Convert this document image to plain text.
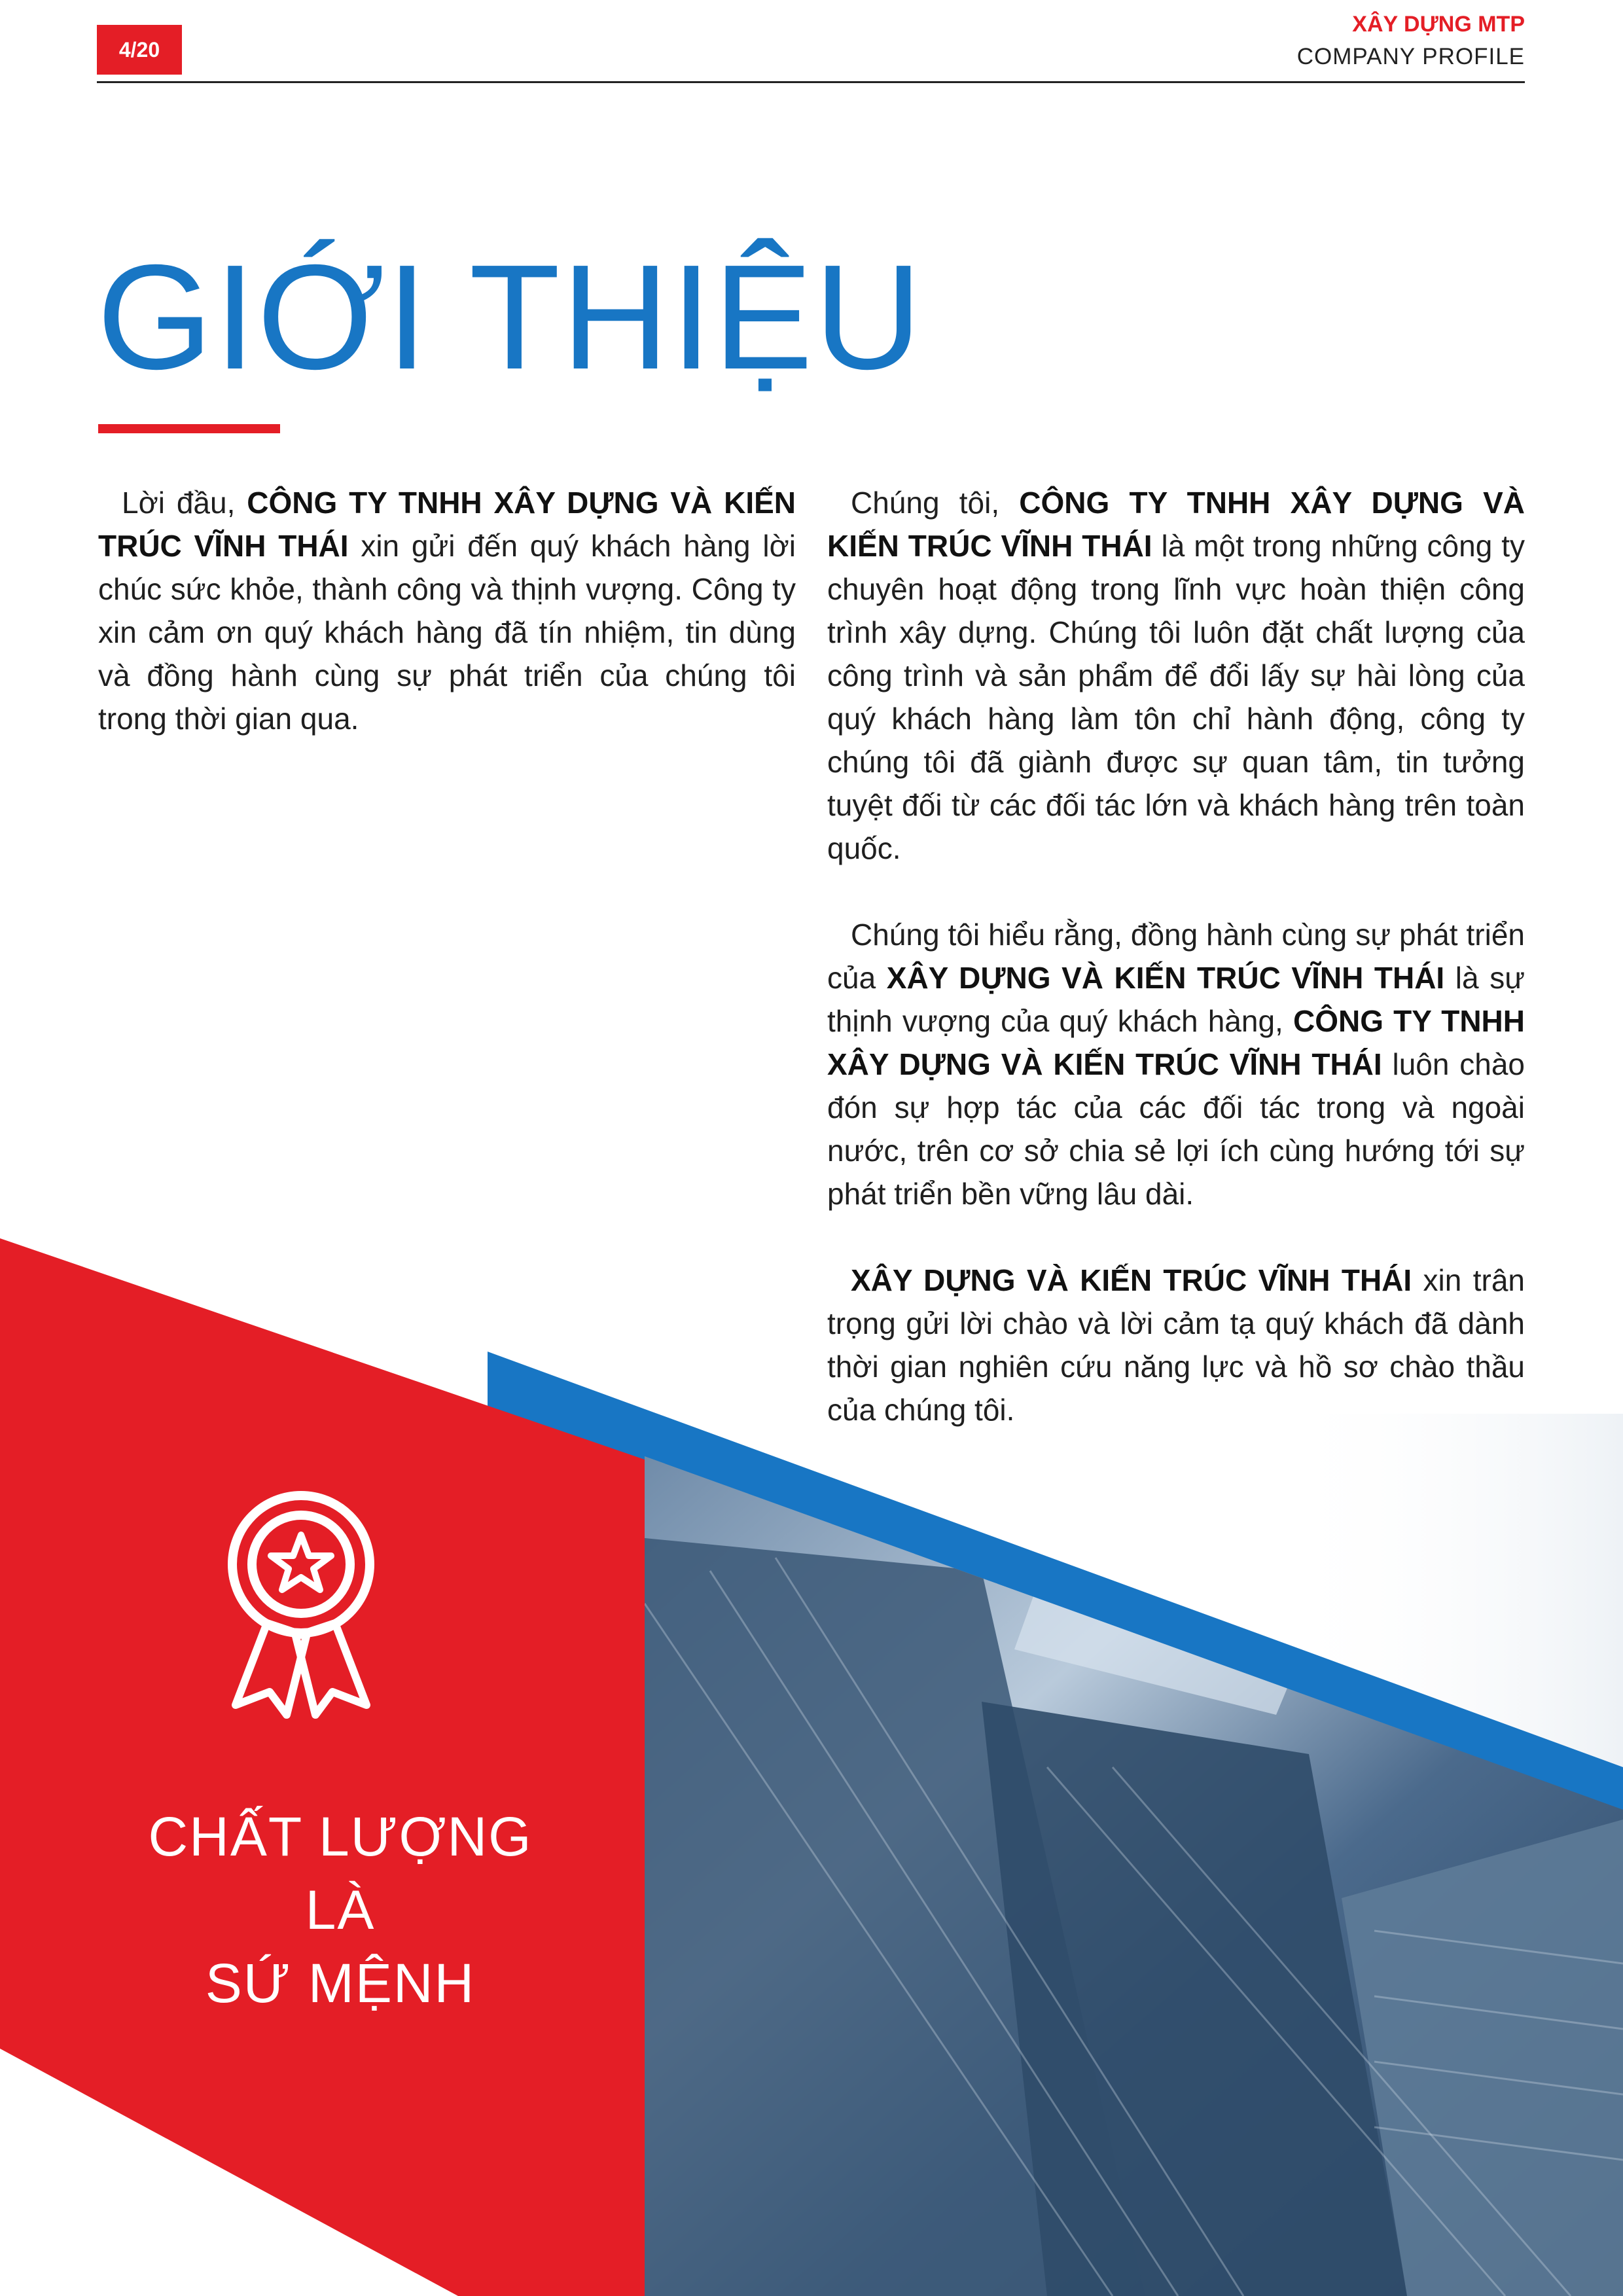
4/20
XÂY DỰNG MTP
COMPANY PROFILE
GIỚI THIỆU

Lời đầu, CÔNG TY TNHH XÂY DỰNG VÀ KIẾN TRÚC VĨNH THÁI xin gửi đến quý khách hàng lời chúc sức khỏe, thành công và thịnh vượng. Công ty xin cảm ơn quý khách hàng đã tín nhiệm, tin dùng và đồng hành cùng sự phát triển của chúng tôi trong thời gian qua.

Chúng tôi, CÔNG TY TNHH XÂY DỰNG VÀ KIẾN TRÚC VĨNH THÁI là một trong những công ty chuyên hoạt động trong lĩnh vực hoàn thiện công trình xây dựng. Chúng tôi luôn đặt chất lượng của công trình và sản phẩm để đổi lấy sự hài lòng của quý khách hàng làm tôn chỉ hành động, công ty chúng tôi đã giành được sự quan tâm, tin tưởng tuyệt đối từ các đối tác lớn và khách hàng trên toàn quốc.

Chúng tôi hiểu rằng, đồng hành cùng sự phát triển của XÂY DỰNG VÀ KIẾN TRÚC VĨNH THÁI là sự thịnh vượng của quý khách hàng, CÔNG TY TNHH XÂY DỰNG VÀ KIẾN TRÚC VĨNH THÁI luôn chào đón sự hợp tác của các đối tác trong và ngoài nước, trên cơ sở chia sẻ lợi ích cùng hướng tới sự phát triển bền vững lâu dài.

XÂY DỰNG VÀ KIẾN TRÚC VĨNH THÁI xin trân trọng gửi lời chào và lời cảm tạ quý khách đã dành thời gian nghiên cứu năng lực và hồ sơ chào thầu của chúng tôi.

CHẤT LƯỢNG
LÀ
SỨ MỆNH
